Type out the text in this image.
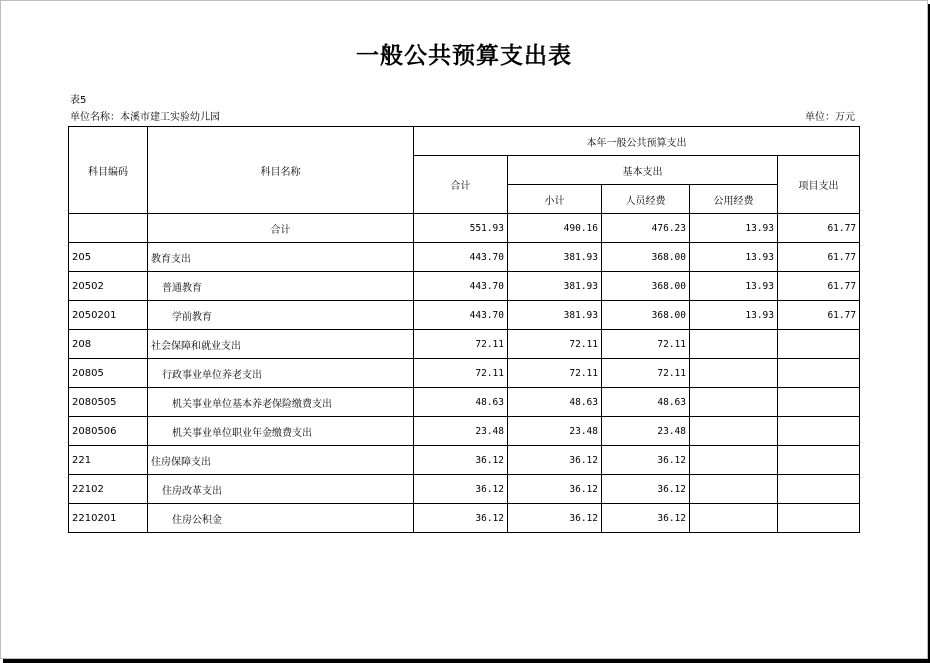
一般公共预算支出表
表5
单位名称：本溪市建工实验幼儿园	单位：万元
科目编码	科目名称	本年一般公共预算支出				
		合计	基本支出			项目支出
			小计	人员经费	公用经费	
	合计	551.93	490.16	476.23	13.93	61.77
205	教育支出	443.70	381.93	368.00	13.93	61.77
20502	普通教育	443.70	381.93	368.00	13.93	61.77
2050201	学前教育	443.70	381.93	368.00	13.93	61.77
208	社会保障和就业支出	72.11	72.11	72.11		
20805	行政事业单位养老支出	72.11	72.11	72.11		
2080505	机关事业单位基本养老保险缴费支出	48.63	48.63	48.63		
2080506	机关事业单位职业年金缴费支出	23.48	23.48	23.48		
221	住房保障支出	36.12	36.12	36.12		
22102	住房改革支出	36.12	36.12	36.12		
2210201	住房公积金	36.12	36.12	36.12		
